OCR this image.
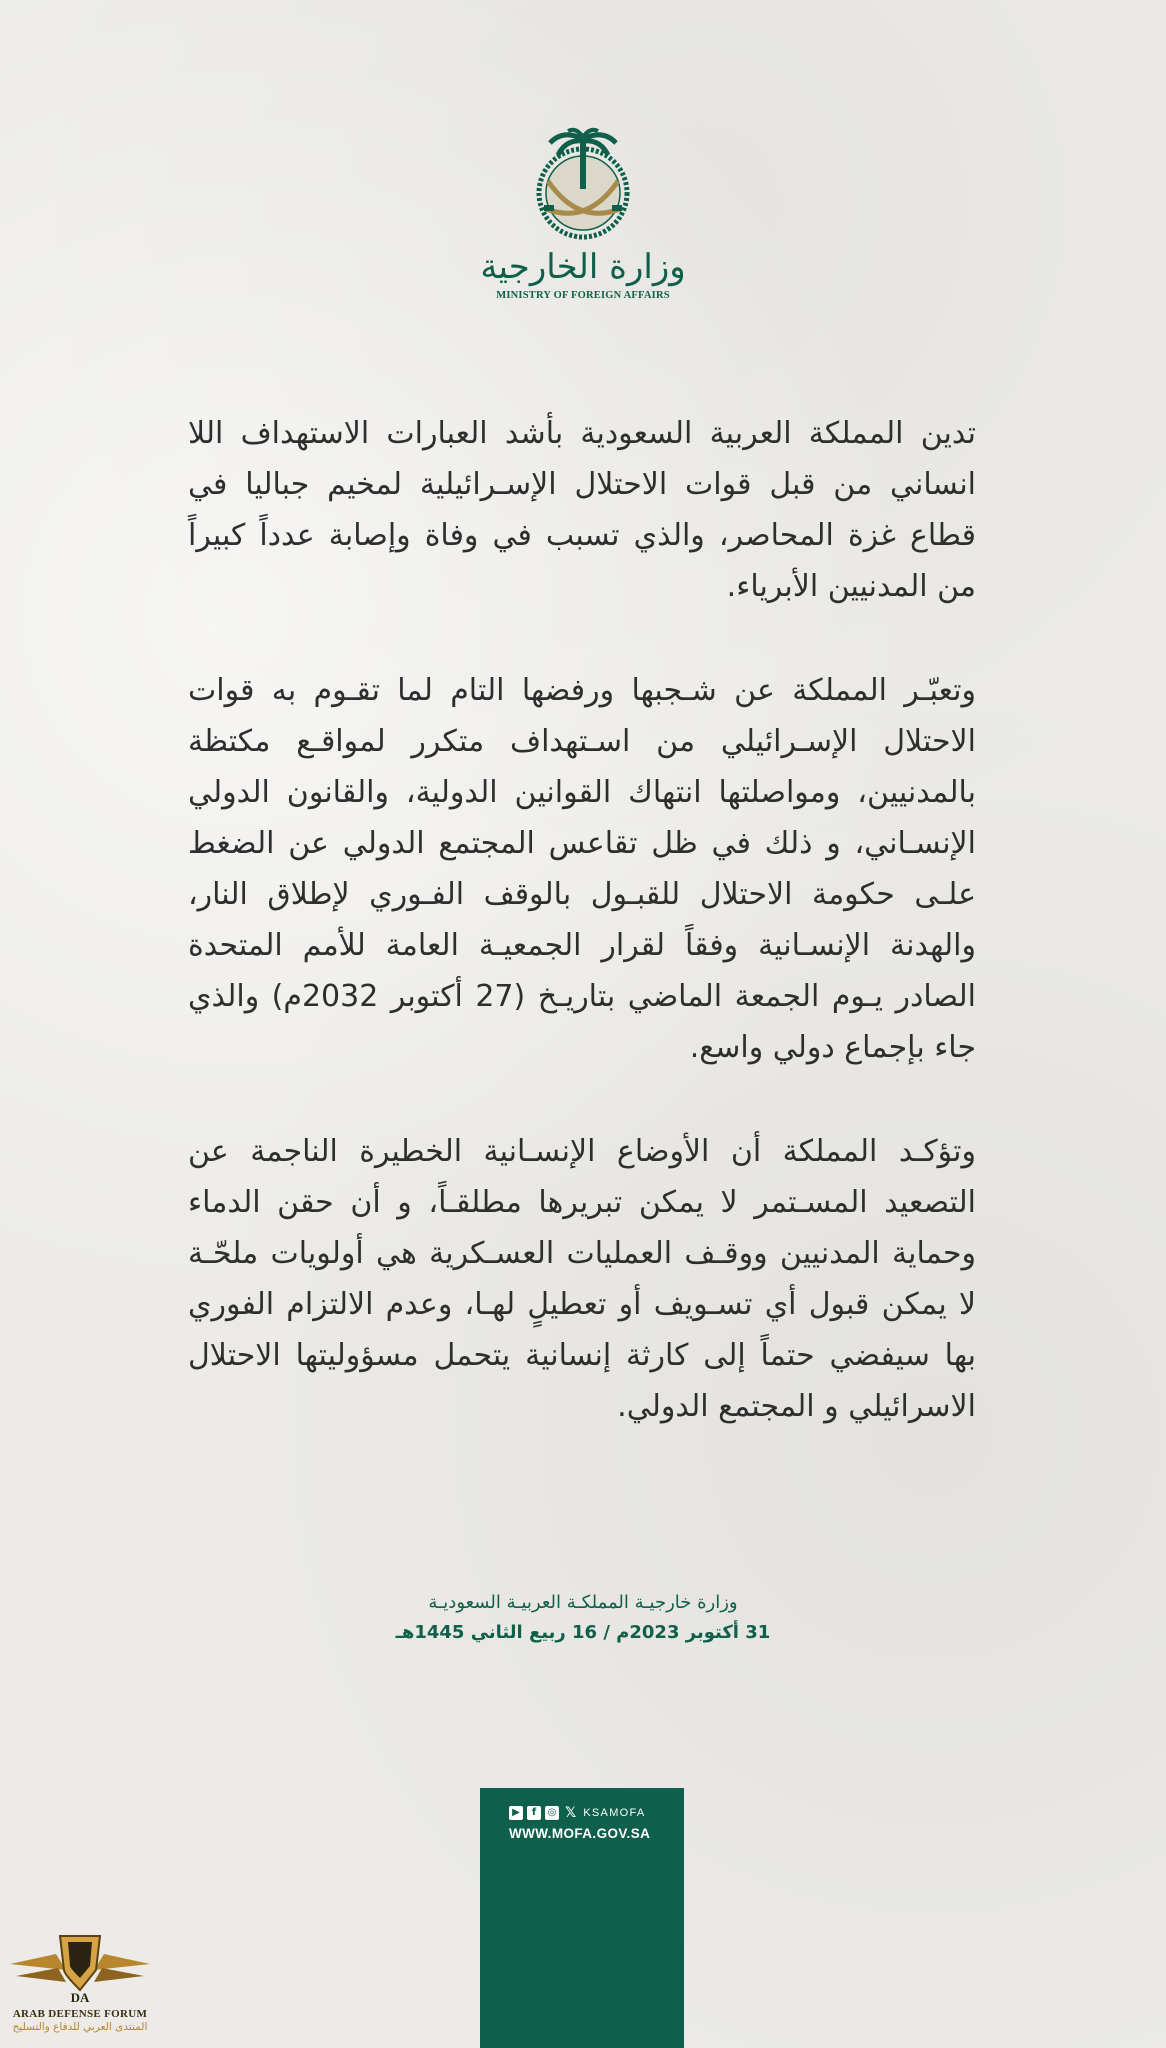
وزارة الخارجية
MINISTRY OF FOREIGN AFFAIRS

تدين المملكة العربية السعودية بأشد العبارات الاستهداف اللا انساني من قبل قوات الاحتلال الإسـرائيلية لمخيم جباليا في قطاع غزة المحاصر، والذي تسبب في وفاة وإصابة عدداً كبيراً من المدنيين الأبرياء.

وتعبّـر المملكة عن شـجبها ورفضها التام لما تقـوم به قوات الاحتلال الإسـرائيلي من اسـتهداف متكرر لمواقـع مكتظة بالمدنيين، ومواصلتها انتهاك القوانين الدولية، والقانون الدولي الإنسـاني، و ذلك في ظل تقاعس المجتمع الدولي عن الضغط علـى حكومة الاحتلال للقبـول بالوقف الفـوري لإطلاق النار، والهدنة الإنسـانية وفقاً لقرار الجمعيـة العامة للأمم المتحدة الصادر يـوم الجمعة الماضي بتاريـخ (27 أكتوبر 2032م) والذي جاء بإجماع دولي واسع.

وتؤكـد المملكة أن الأوضاع الإنسـانية الخطيرة الناجمة عن التصعيد المسـتمر لا يمكن تبريرها مطلقـاً، و أن حقن الدماء وحماية المدنيين ووقـف العمليات العسـكرية هي أولويات ملحّـة لا يمكن قبول أي تسـويف أو تعطيلٍ لهـا، وعدم الالتزام الفوري بها سيفضي حتماً إلى كارثة إنسانية يتحمل مسؤوليتها الاحتلال الاسرائيلي و المجتمع الدولي.

وزارة خارجيـة المملكـة العربيـة السعوديـة
31 أكتوبر 2023م / 16 ربيع الثاني 1445هـ
▶	f	◎ 𝕏 KSAMOFA
WWW.MOFA.GOV.SA
DA
ARAB DEFENSE FORUM
المنتدى العربي للدفاع والتسليح
